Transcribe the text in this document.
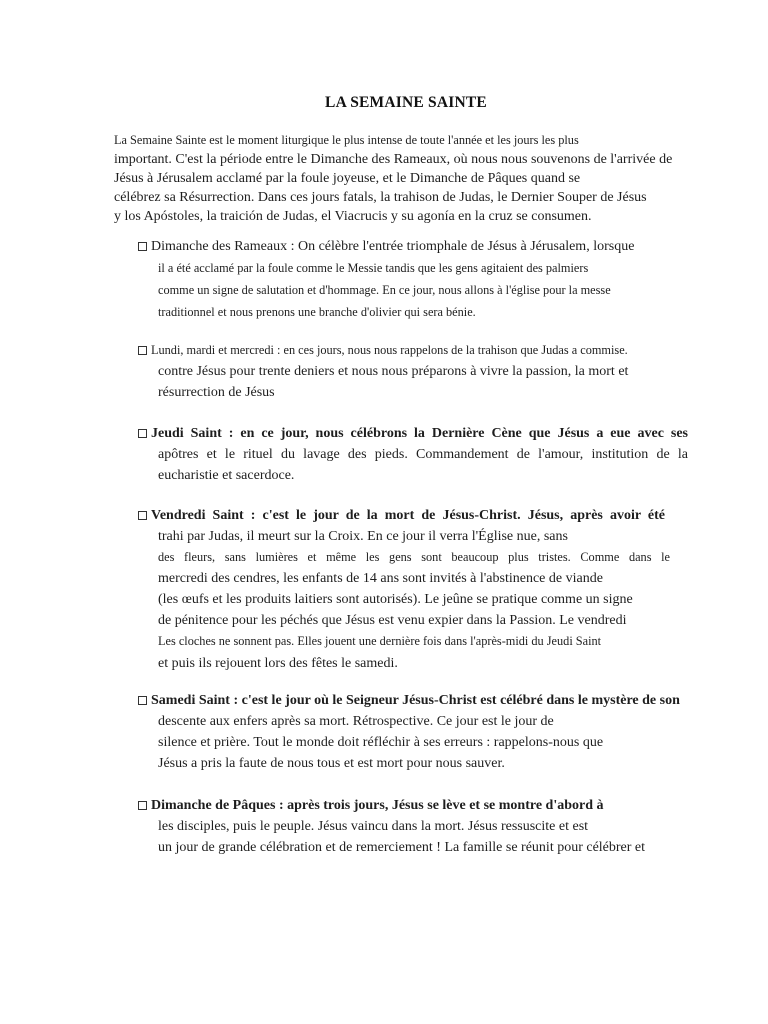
LA SEMAINE SAINTE
La Semaine Sainte est le moment liturgique le plus intense de toute l'année et les jours les plus
important. C'est la période entre le Dimanche des Rameaux, où nous nous souvenons de l'arrivée de
Jésus à Jérusalem acclamé par la foule joyeuse, et le Dimanche de Pâques quand se
célébrez sa Résurrection. Dans ces jours fatals, la trahison de Judas, le Dernier Souper de Jésus
y los Apóstoles, la traición de Judas, el Viacrucis y su agonía en la cruz se consumen.
Dimanche des Rameaux : On célèbre l'entrée triomphale de Jésus à Jérusalem, lorsque
il a été acclamé par la foule comme le Messie tandis que les gens agitaient des palmiers
comme un signe de salutation et d'hommage. En ce jour, nous allons à l'église pour la messe
traditionnel et nous prenons une branche d'olivier qui sera bénie.
Lundi, mardi et mercredi : en ces jours, nous nous rappelons de la trahison que Judas a commise.
contre Jésus pour trente deniers et nous nous préparons à vivre la passion, la mort et
résurrection de Jésus
Jeudi Saint : en ce jour, nous célébrons la Dernière Cène que Jésus a eue avec ses
apôtres et le rituel du lavage des pieds. Commandement de l'amour, institution de la
eucharistie et sacerdoce.
Vendredi Saint : c'est le jour de la mort de Jésus-Christ. Jésus, après avoir été
trahi par Judas, il meurt sur la Croix. En ce jour il verra l'Église nue, sans
des fleurs, sans lumières et même les gens sont beaucoup plus tristes. Comme dans le
mercredi des cendres, les enfants de 14 ans sont invités à l'abstinence de viande
(les œufs et les produits laitiers sont autorisés). Le jeûne se pratique comme un signe
de pénitence pour les péchés que Jésus est venu expier dans la Passion. Le vendredi
Les cloches ne sonnent pas. Elles jouent une dernière fois dans l'après-midi du Jeudi Saint
et puis ils rejouent lors des fêtes le samedi.
Samedi Saint : c'est le jour où le Seigneur Jésus-Christ est célébré dans le mystère de son
descente aux enfers après sa mort. Rétrospective. Ce jour est le jour de
silence et prière. Tout le monde doit réfléchir à ses erreurs : rappelons-nous que
Jésus a pris la faute de nous tous et est mort pour nous sauver.
Dimanche de Pâques : après trois jours, Jésus se lève et se montre d'abord à
les disciples, puis le peuple. Jésus vaincu dans la mort. Jésus ressuscite et est
un jour de grande célébration et de remerciement ! La famille se réunit pour célébrer et
